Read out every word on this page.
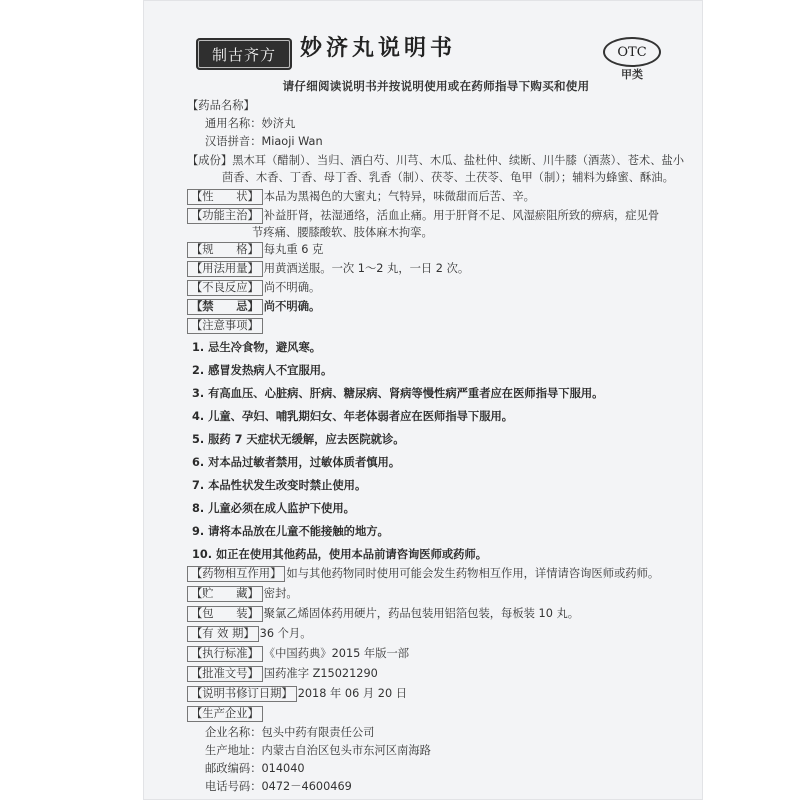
制古齐方	妙济丸说明书	OTC
甲类
请仔细阅读说明书并按说明使用或在药师指导下购买和使用
【药品名称】
通用名称：妙济丸
汉语拼音：Miaoji Wan
【成份】黑木耳（醋制）、当归、酒白芍、川芎、木瓜、盐杜仲、续断、川牛膝（酒蒸）、苍术、盐小
茴香、木香、丁香、母丁香、乳香（制）、茯苓、土茯苓、龟甲（制）；辅料为蜂蜜、酥油。
【性　　状】 本品为黑褐色的大蜜丸；气特异，味微甜而后苦、辛。
【功能主治】 补益肝肾，祛湿通络，活血止痛。用于肝肾不足、风湿瘀阻所致的痹病，症见骨
节疼痛、腰膝酸软、肢体麻木拘挛。
【规　　格】 每丸重 6 克
【用法用量】 用黄酒送服。一次 1～2 丸，一日 2 次。
【不良反应】 尚不明确。
【禁　　忌】 尚不明确。
【注意事项】
1. 忌生冷食物，避风寒。
2. 感冒发热病人不宜服用。
3. 有高血压、心脏病、肝病、糖尿病、肾病等慢性病严重者应在医师指导下服用。
4. 儿童、孕妇、哺乳期妇女、年老体弱者应在医师指导下服用。
5. 服药 7 天症状无缓解，应去医院就诊。
6. 对本品过敏者禁用，过敏体质者慎用。
7. 本品性状发生改变时禁止使用。
8. 儿童必须在成人监护下使用。
9. 请将本品放在儿童不能接触的地方。
10. 如正在使用其他药品，使用本品前请咨询医师或药师。
【药物相互作用】 如与其他药物同时使用可能会发生药物相互作用，详情请咨询医师或药师。
【贮　　藏】 密封。
【包　　装】 聚氯乙烯固体药用硬片，药品包装用铝箔包装，每板装 10 丸。
【有 效 期】 36 个月。
【执行标准】 《中国药典》2015 年版一部
【批准文号】 国药准字 Z15021290
【说明书修订日期】 2018 年 06 月 20 日
【生产企业】
企业名称：包头中药有限责任公司
生产地址：内蒙古自治区包头市东河区南海路
邮政编码：014040
电话号码：0472－4600469
